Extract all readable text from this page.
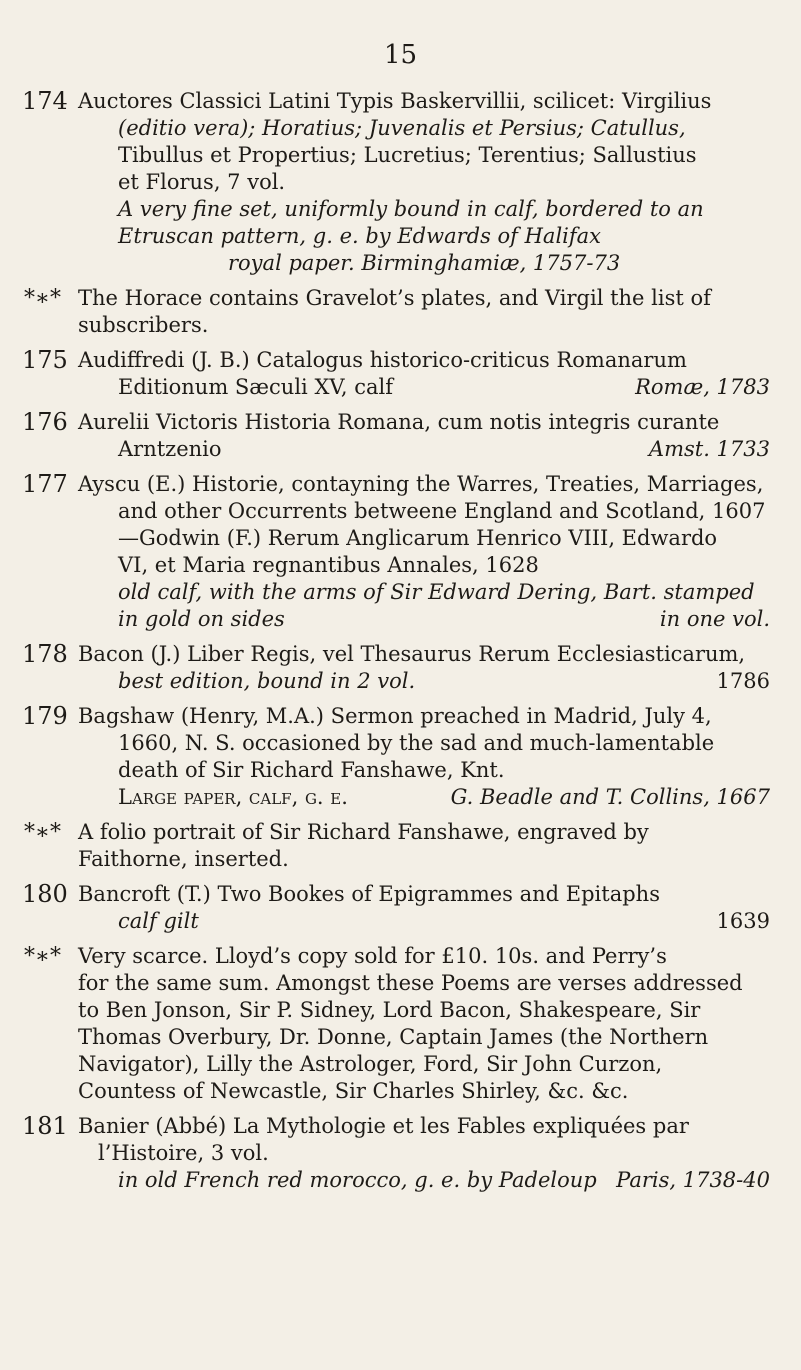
15
174 Auctores Classici Latini Typis Baskervillii, scilicet: Virgilius
(editio vera); Horatius; Juvenalis et Persius; Catullus,
Tibullus et Propertius; Lucretius; Terentius; Sallustius
et Florus, 7 vol.
A very fine set, uniformly bound in calf, bordered to an
Etruscan pattern, g. e. by Edwards of Halifax
royal paper. Birminghamiæ, 1757-73
*∗* The Horace contains Gravelot’s plates, and Virgil the list of
subscribers.
175 Audiffredi (J. B.) Catalogus historico-criticus Romanarum
Editionum Sæculi XV, calf	Romæ, 1783
176 Aurelii Victoris Historia Romana, cum notis integris curante
Arntzenio	Amst. 1733
177 Ayscu (E.) Historie, contayning the Warres, Treaties, Marriages,
and other Occurrents betweene England and Scotland, 1607
—Godwin (F.) Rerum Anglicarum Henrico VIII, Edwardo
VI, et Maria regnantibus Annales, 1628
old calf, with the arms of Sir Edward Dering, Bart. stamped
in gold on sides	in one vol.
178 Bacon (J.) Liber Regis, vel Thesaurus Rerum Ecclesiasticarum,
best edition, bound in 2 vol.	1786
179 Bagshaw (Henry, M.A.) Sermon preached in Madrid, July 4,
1660, N. S. occasioned by the sad and much-lamentable
death of Sir Richard Fanshawe, Knt.
Large paper, calf, g. e.	G. Beadle and T. Collins, 1667
*∗* A folio portrait of Sir Richard Fanshawe, engraved by
Faithorne, inserted.
180 Bancroft (T.) Two Bookes of Epigrammes and Epitaphs
calf gilt	1639
*∗* Very scarce. Lloyd’s copy sold for £10. 10s. and Perry’s
for the same sum. Amongst these Poems are verses addressed
to Ben Jonson, Sir P. Sidney, Lord Bacon, Shakespeare, Sir
Thomas Overbury, Dr. Donne, Captain James (the Northern
Navigator), Lilly the Astrologer, Ford, Sir John Curzon,
Countess of Newcastle, Sir Charles Shirley, &c. &c.
181 Banier (Abbé) La Mythologie et les Fables expliquées par
l’Histoire, 3 vol.
in old French red morocco, g. e. by Padeloup Paris, 1738-40
